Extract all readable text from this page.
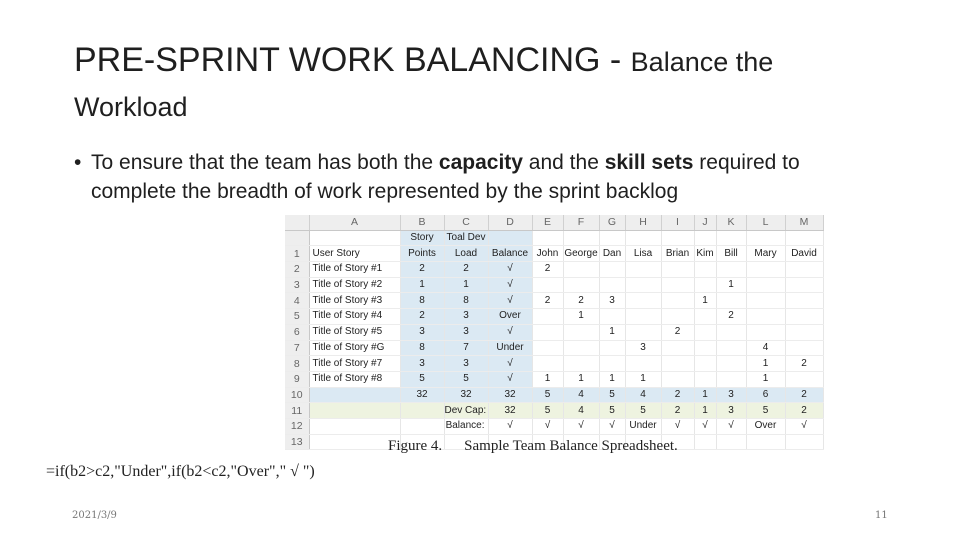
PRE-SPRINT WORK BALANCING - Balance the
Workload
• To ensure that the team has both the capacity and the skill sets required to complete the breadth of work represented by the sprint backlog
	A	B	C	D	E	F	G	H	I	J	K	L	M
		Story	Toal Dev										
1	User Story	Points	Load	Balance	John	George	Dan	Lisa	Brian	Kim	Bill	Mary	David
2	Title of Story #1	2	2	√	2								
3	Title of Story #2	1	1	√							1		
4	Title of Story #3	8	8	√	2	2	3			1			
5	Title of Story #4	2	3	Over		1					2		
6	Title of Story #5	3	3	√			1		2				
7	Title of Story #G	8	7	Under				3				4	
8	Title of Story #7	3	3	√								1	2
9	Title of Story #8	5	5	√	1	1	1	1				1	
10		32	32	32	5	4	5	4	2	1	3	6	2
11			Dev Cap:	32	5	4	5	5	2	1	3	5	2
12			Balance:	√	√	√	√	Under	√	√	√	Over	√
13														Figure 4. Sample Team Balance Spreadsheet.
=if(b2>c2,"Under",if(b2<c2,"Over"," √ ")
2021/3/9	11
